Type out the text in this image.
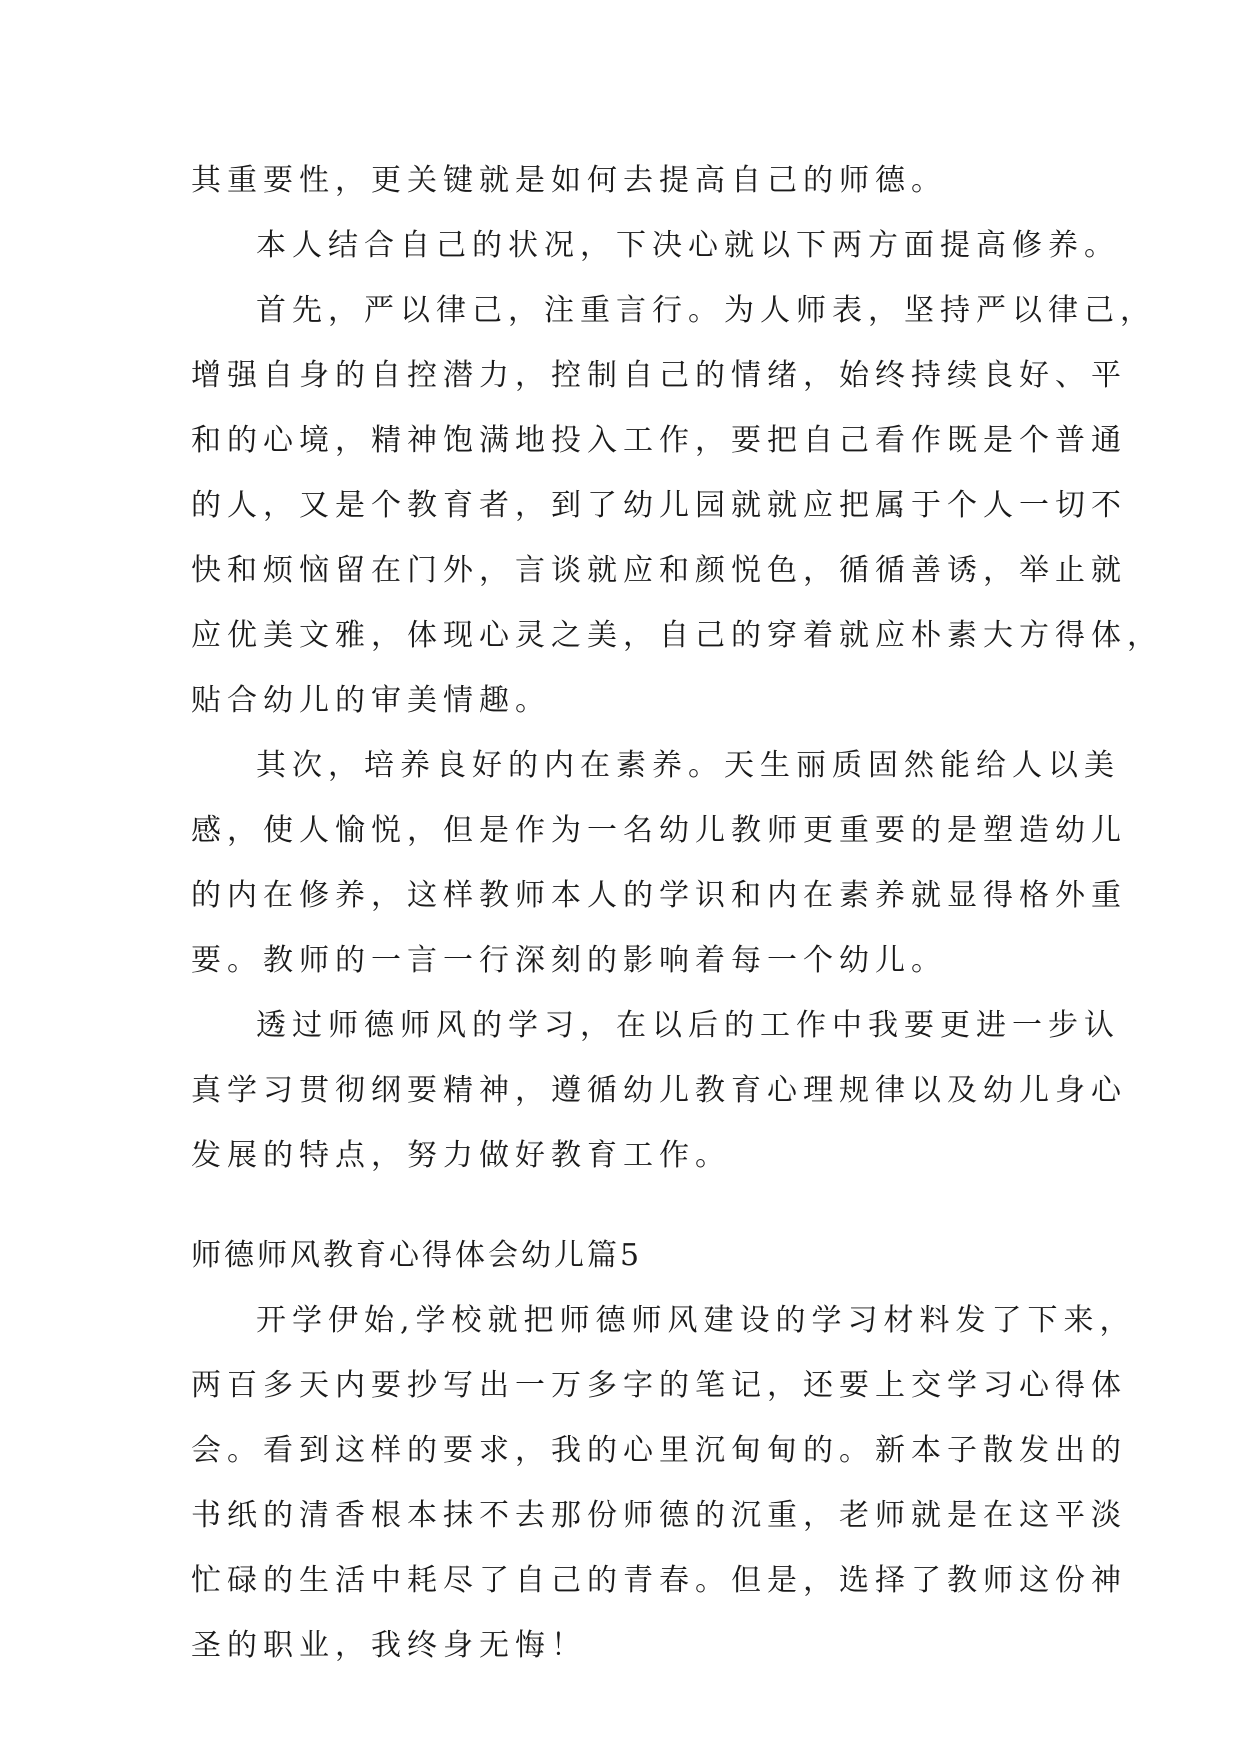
其重要性，更关键就是如何去提高自己的师德。
本人结合自己的状况，下决心就以下两方面提高修养。
首先，严以律己，注重言行。为人师表，坚持严以律己，
增强自身的自控潜力，控制自己的情绪，始终持续良好、平
和的心境，精神饱满地投入工作，要把自己看作既是个普通
的人，又是个教育者，到了幼儿园就就应把属于个人一切不
快和烦恼留在门外，言谈就应和颜悦色，循循善诱，举止就
应优美文雅，体现心灵之美，自己的穿着就应朴素大方得体，
贴合幼儿的审美情趣。
其次，培养良好的内在素养。天生丽质固然能给人以美
感，使人愉悦，但是作为一名幼儿教师更重要的是塑造幼儿
的内在修养，这样教师本人的学识和内在素养就显得格外重
要。教师的一言一行深刻的影响着每一个幼儿。
透过师德师风的学习，在以后的工作中我要更进一步认
真学习贯彻纲要精神，遵循幼儿教育心理规律以及幼儿身心
发展的特点，努力做好教育工作。
师德师风教育心得体会幼儿篇5
开学伊始,学校就把师德师风建设的学习材料发了下来，
两百多天内要抄写出一万多字的笔记，还要上交学习心得体
会。看到这样的要求，我的心里沉甸甸的。新本子散发出的
书纸的清香根本抹不去那份师德的沉重，老师就是在这平淡
忙碌的生活中耗尽了自己的青春。但是，选择了教师这份神
圣的职业，我终身无悔！
